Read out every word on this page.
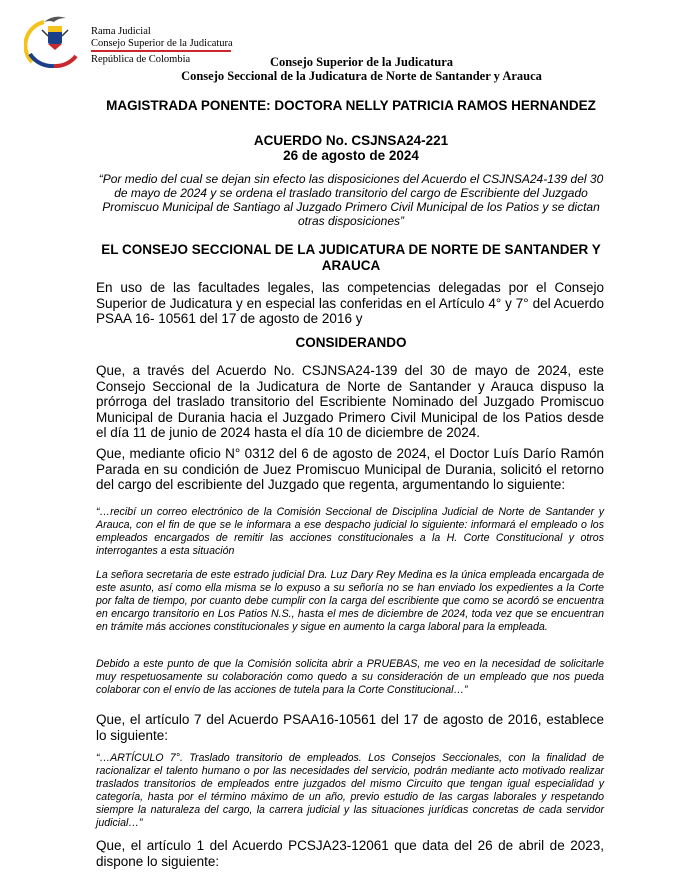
Rama Judicial
Consejo Superior de la Judicatura
República de Colombia	Consejo Superior de la Judicatura
Consejo Seccional de la Judicatura de Norte de Santander y Arauca
MAGISTRADA PONENTE: DOCTORA NELLY PATRICIA RAMOS HERNANDEZ
ACUERDO No. CSJNSA24-221
26 de agosto de 2024
“Por medio del cual se dejan sin efecto las disposiciones del Acuerdo el CSJNSA24-139 del 30 de mayo de 2024 y se ordena el traslado transitorio del cargo de Escribiente del Juzgado Promiscuo Municipal de Santiago al Juzgado Primero Civil Municipal de los Patios y se dictan otras disposiciones”
EL CONSEJO SECCIONAL DE LA JUDICATURA DE NORTE DE SANTANDER Y ARAUCA
En uso de las facultades legales, las competencias delegadas por el Consejo Superior de Judicatura y en especial las conferidas en el Artículo 4° y 7° del Acuerdo PSAA 16- 10561 del 17 de agosto de 2016 y
CONSIDERANDO
Que, a través del Acuerdo No. CSJNSA24-139 del 30 de mayo de 2024, este Consejo Seccional de la Judicatura de Norte de Santander y Arauca dispuso la prórroga del traslado transitorio del Escribiente Nominado del Juzgado Promiscuo Municipal de Durania hacia el Juzgado Primero Civil Municipal de los Patios desde el día 11 de junio de 2024 hasta el día 10 de diciembre de 2024.
Que, mediante oficio N° 0312 del 6 de agosto de 2024, el Doctor Luís Darío Ramón Parada en su condición de Juez Promiscuo Municipal de Durania, solicitó el retorno del cargo del escribiente del Juzgado que regenta, argumentando lo siguiente:
“…recibí un correo electrónico de la Comisión Seccional de Disciplina Judicial de Norte de Santander y Arauca, con el fin de que se le informara a ese despacho judicial lo siguiente: informará el empleado o los empleados encargados de remitir las acciones constitucionales a la H. Corte Constitucional y otros interrogantes a esta situación
La señora secretaria de este estrado judicial Dra. Luz Dary Rey Medina es la única empleada encargada de este asunto, así como ella misma se lo expuso a su señoría no se han enviado los expedientes a la Corte por falta de tiempo, por cuanto debe cumplir con la carga del escribiente que como se acordó se encuentra en encargo transitorio en Los Patios N.S., hasta el mes de diciembre de 2024, toda vez que se encuentran en trámite más acciones constitucionales y sigue en aumento la carga laboral para la empleada.
Debido a este punto de que la Comisión solicita abrir a PRUEBAS, me veo en la necesidad de solicitarle muy respetuosamente su colaboración como quedo a su consideración de un empleado que nos pueda colaborar con el envío de las acciones de tutela para la Corte Constitucional…”
Que, el artículo 7 del Acuerdo PSAA16-10561 del 17 de agosto de 2016, establece lo siguiente:
“…ARTÍCULO 7°. Traslado transitorio de empleados. Los Consejos Seccionales, con la finalidad de racionalizar el talento humano o por las necesidades del servicio, podrán mediante acto motivado realizar traslados transitorios de empleados entre juzgados del mismo Circuito que tengan igual especialidad y categoría, hasta por el término máximo de un año, previo estudio de las cargas laborales y respetando siempre la naturaleza del cargo, la carrera judicial y las situaciones jurídicas concretas de cada servidor judicial…”
Que, el artículo 1 del Acuerdo PCSJA23-12061 que data del 26 de abril de 2023, dispone lo siguiente:
